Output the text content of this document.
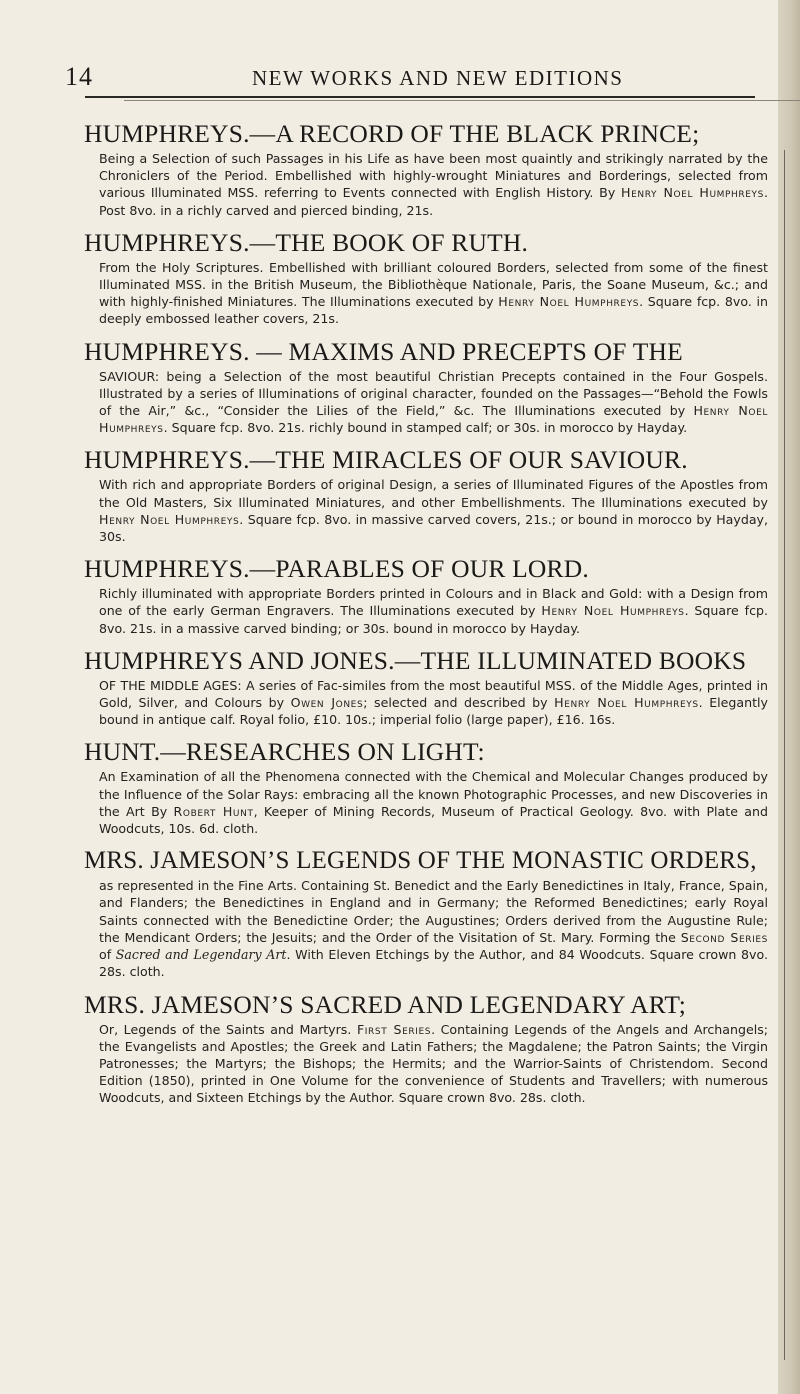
14	NEW WORKS AND NEW EDITIONS
HUMPHREYS.—A RECORD OF THE BLACK PRINCE;
Being a Selection of such Passages in his Life as have been most quaintly and strikingly narrated by the Chroniclers of the Period. Embellished with highly-wrought Miniatures and Borderings, selected from various Illuminated MSS. referring to Events connected with English History. By Henry Noel Humphreys. Post 8vo. in a richly carved and pierced binding, 21s.
HUMPHREYS.—THE BOOK OF RUTH.
From the Holy Scriptures. Embellished with brilliant coloured Borders, selected from some of the finest Illuminated MSS. in the British Museum, the Bibliothèque Nationale, Paris, the Soane Museum, &c.; and with highly-finished Miniatures. The Illuminations executed by Henry Noel Humphreys. Square fcp. 8vo. in deeply embossed leather covers, 21s.
HUMPHREYS. — MAXIMS AND PRECEPTS OF THE
SAVIOUR: being a Selection of the most beautiful Christian Precepts contained in the Four Gospels. Illustrated by a series of Illuminations of original character, founded on the Passages—“Behold the Fowls of the Air,” &c., “Consider the Lilies of the Field,” &c. The Illuminations executed by Henry Noel Humphreys. Square fcp. 8vo. 21s. richly bound in stamped calf; or 30s. in morocco by Hayday.
HUMPHREYS.—THE MIRACLES OF OUR SAVIOUR.
With rich and appropriate Borders of original Design, a series of Illuminated Figures of the Apostles from the Old Masters, Six Illuminated Miniatures, and other Embellishments. The Illuminations executed by Henry Noel Humphreys. Square fcp. 8vo. in massive carved covers, 21s.; or bound in morocco by Hayday, 30s.
HUMPHREYS.—PARABLES OF OUR LORD.
Richly illuminated with appropriate Borders printed in Colours and in Black and Gold: with a Design from one of the early German Engravers. The Illuminations executed by Henry Noel Humphreys. Square fcp. 8vo. 21s. in a massive carved binding; or 30s. bound in morocco by Hayday.
HUMPHREYS AND JONES.—THE ILLUMINATED BOOKS
OF THE MIDDLE AGES: A series of Fac-similes from the most beautiful MSS. of the Middle Ages, printed in Gold, Silver, and Colours by Owen Jones; selected and described by Henry Noel Humphreys. Elegantly bound in antique calf. Royal folio, £10. 10s.; imperial folio (large paper), £16. 16s.
HUNT.—RESEARCHES ON LIGHT:
An Examination of all the Phenomena connected with the Chemical and Molecular Changes produced by the Influence of the Solar Rays: embracing all the known Photographic Processes, and new Discoveries in the Art By Robert Hunt, Keeper of Mining Records, Museum of Practical Geology. 8vo. with Plate and Woodcuts, 10s. 6d. cloth.
MRS. JAMESON’S LEGENDS OF THE MONASTIC ORDERS,
as represented in the Fine Arts. Containing St. Benedict and the Early Benedictines in Italy, France, Spain, and Flanders; the Benedictines in England and in Germany; the Reformed Benedictines; early Royal Saints connected with the Benedictine Order; the Augustines; Orders derived from the Augustine Rule; the Mendicant Orders; the Jesuits; and the Order of the Visitation of St. Mary. Forming the Second Series of Sacred and Legendary Art. With Eleven Etchings by the Author, and 84 Woodcuts. Square crown 8vo. 28s. cloth.
MRS. JAMESON’S SACRED AND LEGENDARY ART;
Or, Legends of the Saints and Martyrs. First Series. Containing Legends of the Angels and Archangels; the Evangelists and Apostles; the Greek and Latin Fathers; the Magdalene; the Patron Saints; the Virgin Patronesses; the Martyrs; the Bishops; the Hermits; and the Warrior-Saints of Christendom. Second Edition (1850), printed in One Volume for the convenience of Students and Travellers; with numerous Woodcuts, and Sixteen Etchings by the Author. Square crown 8vo. 28s. cloth.
